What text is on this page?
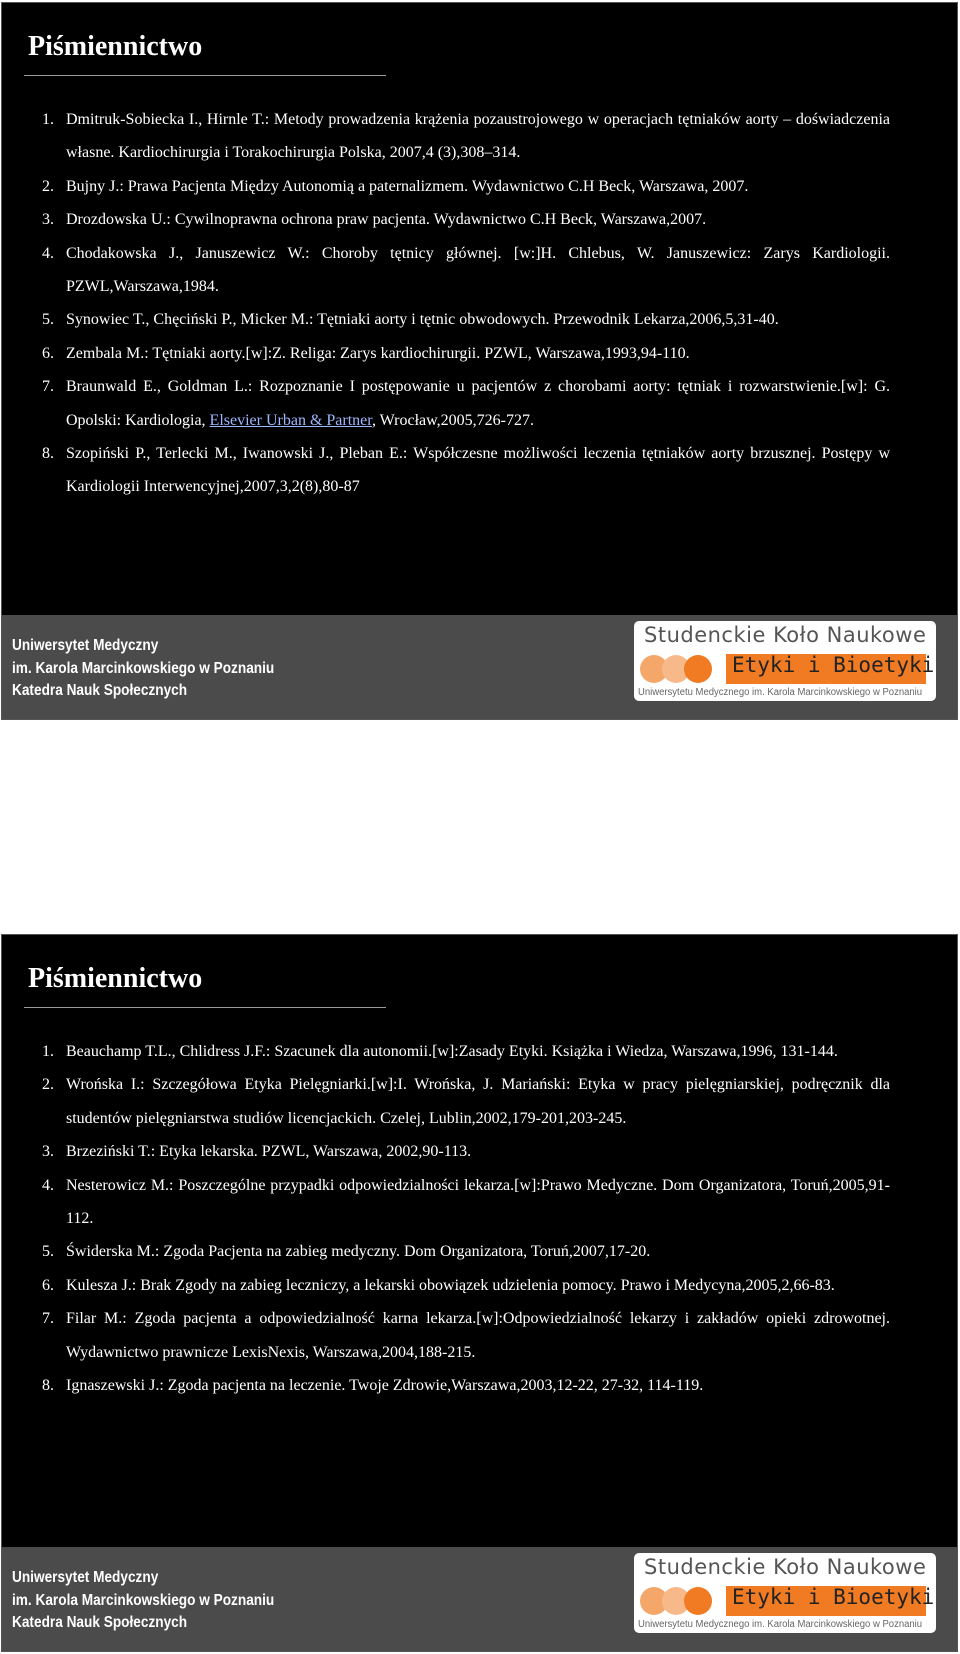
Piśmiennictwo
1. Dmitruk-Sobiecka I., Hirnle T.: Metody prowadzenia krążenia pozaustrojowego w operacjach tętniaków aorty – doświadczenia własne. Kardiochirurgia i Torakochirurgia Polska, 2007,4 (3),308–314.
2. Bujny J.: Prawa Pacjenta Między Autonomią a paternalizmem. Wydawnictwo C.H Beck, Warszawa, 2007.
3. Drozdowska U.: Cywilnoprawna ochrona praw pacjenta. Wydawnictwo C.H Beck, Warszawa,2007.
4. Chodakowska J., Januszewicz W.: Choroby tętnicy głównej. [w:]H. Chlebus, W. Januszewicz: Zarys Kardiologii. PZWL,Warszawa,1984.
5. Synowiec T., Chęciński P., Micker M.: Tętniaki aorty i tętnic obwodowych. Przewodnik Lekarza,2006,5,31-40.
6. Zembala M.: Tętniaki aorty.[w]:Z. Religa: Zarys kardiochirurgii. PZWL, Warszawa,1993,94-110.
7. Braunwald E., Goldman L.: Rozpoznanie I postępowanie u pacjentów z chorobami aorty: tętniak i rozwarstwienie.[w]: G. Opolski: Kardiologia, Elsevier Urban & Partner, Wrocław,2005,726-727.
8. Szopiński P., Terlecki M., Iwanowski J., Pleban E.: Współczesne możliwości leczenia tętniaków aorty brzusznej. Postępy w Kardiologii Interwencyjnej,2007,3,2(8),80-87
Uniwersytet Medyczny
im. Karola Marcinkowskiego w Poznaniu
Katedra Nauk Społecznych
Studenckie Koło Naukowe
Etyki i Bioetyki
Uniwersytetu Medycznego im. Karola Marcinkowskiego w Poznaniu
Piśmiennictwo
1. Beauchamp T.L., Chlidress J.F.: Szacunek dla autonomii.[w]:Zasady Etyki. Książka i Wiedza, Warszawa,1996, 131-144.
2. Wrońska I.: Szczegółowa Etyka Pielęgniarki.[w]:I. Wrońska, J. Mariański: Etyka w pracy pielęgniarskiej, podręcznik dla studentów pielęgniarstwa studiów licencjackich. Czelej, Lublin,2002,179-201,203-245.
3. Brzeziński T.: Etyka lekarska. PZWL, Warszawa, 2002,90-113.
4. Nesterowicz M.: Poszczególne przypadki odpowiedzialności lekarza.[w]:Prawo Medyczne. Dom Organizatora, Toruń,2005,91-112.
5. Świderska M.: Zgoda Pacjenta na zabieg medyczny. Dom Organizatora, Toruń,2007,17-20.
6. Kulesza J.: Brak Zgody na zabieg leczniczy, a lekarski obowiązek udzielenia pomocy. Prawo i Medycyna,2005,2,66-83.
7. Filar M.: Zgoda pacjenta a odpowiedzialność karna lekarza.[w]:Odpowiedzialność lekarzy i zakładów opieki zdrowotnej. Wydawnictwo prawnicze LexisNexis, Warszawa,2004,188-215.
8. Ignaszewski J.: Zgoda pacjenta na leczenie. Twoje Zdrowie,Warszawa,2003,12-22, 27-32, 114-119.
Uniwersytet Medyczny
im. Karola Marcinkowskiego w Poznaniu
Katedra Nauk Społecznych
Studenckie Koło Naukowe
Etyki i Bioetyki
Uniwersytetu Medycznego im. Karola Marcinkowskiego w Poznaniu
